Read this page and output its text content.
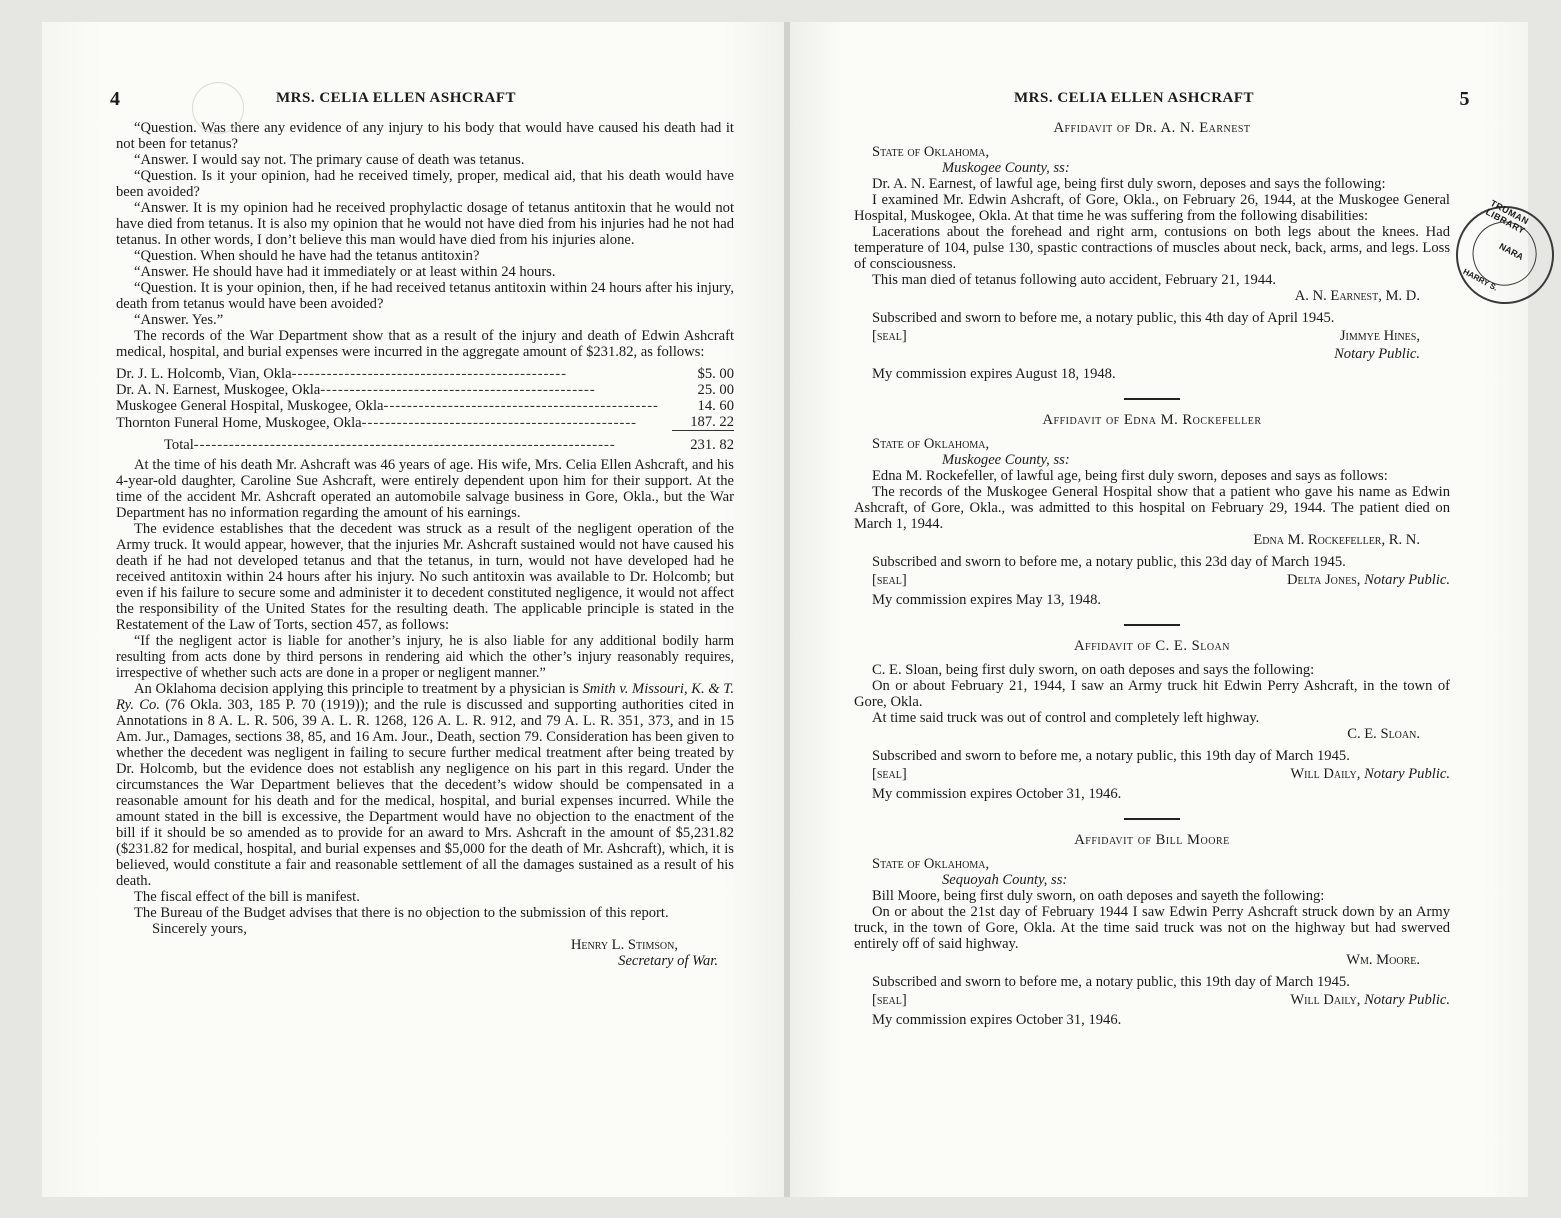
4	MRS. CELIA ELLEN ASHCRAFT

“Question. Was there any evidence of any injury to his body that would have caused his death had it not been for tetanus?

“Answer. I would say not. The primary cause of death was tetanus.

“Question. Is it your opinion, had he received timely, proper, medical aid, that his death would have been avoided?

“Answer. It is my opinion had he received prophylactic dosage of tetanus antitoxin that he would not have died from tetanus. It is also my opinion that he would not have died from his injuries had he not had tetanus. In other words, I don’t believe this man would have died from his injuries alone.

“Question. When should he have had the tetanus antitoxin?

“Answer. He should have had it immediately or at least within 24 hours.

“Question. It is your opinion, then, if he had received tetanus antitoxin within 24 hours after his injury, death from tetanus would have been avoided?

“Answer. Yes.”

The records of the War Department show that as a result of the injury and death of Edwin Ashcraft medical, hospital, and burial expenses were incurred in the aggregate amount of $231.82, as follows:

Dr. J. L. Holcomb, Vian, Okla-----------------------------------------------	$5. 00
Dr. A. N. Earnest, Muskogee, Okla-----------------------------------------------	25. 00
Muskogee General Hospital, Muskogee, Okla-----------------------------------------------	14. 60
Thornton Funeral Home, Muskogee, Okla-----------------------------------------------	187. 22
Total------------------------------------------------------------------------	231. 82

At the time of his death Mr. Ashcraft was 46 years of age. His wife, Mrs. Celia Ellen Ashcraft, and his 4-year-old daughter, Caroline Sue Ashcraft, were entirely dependent upon him for their support. At the time of the accident Mr. Ashcraft operated an automobile salvage business in Gore, Okla., but the War Department has no information regarding the amount of his earnings.

The evidence establishes that the decedent was struck as a result of the negligent operation of the Army truck. It would appear, however, that the injuries Mr. Ashcraft sustained would not have caused his death if he had not developed tetanus and that the tetanus, in turn, would not have developed had he received antitoxin within 24 hours after his injury. No such antitoxin was available to Dr. Holcomb; but even if his failure to secure some and administer it to decedent constituted negligence, it would not affect the responsibility of the United States for the resulting death. The applicable principle is stated in the Restatement of the Law of Torts, section 457, as follows:

“If the negligent actor is liable for another’s injury, he is also liable for any additional bodily harm resulting from acts done by third persons in rendering aid which the other’s injury reasonably requires, irrespective of whether such acts are done in a proper or negligent manner.”

An Oklahoma decision applying this principle to treatment by a physician is Smith v. Missouri, K. & T. Ry. Co. (76 Okla. 303, 185 P. 70 (1919)); and the rule is discussed and supporting authorities cited in Annotations in 8 A. L. R. 506, 39 A. L. R. 1268, 126 A. L. R. 912, and 79 A. L. R. 351, 373, and in 15 Am. Jur., Damages, sections 38, 85, and 16 Am. Jour., Death, section 79. Consideration has been given to whether the decedent was negligent in failing to secure further medical treatment after being treated by Dr. Holcomb, but the evidence does not establish any negligence on his part in this regard. Under the circumstances the War Department believes that the decedent’s widow should be compensated in a reasonable amount for his death and for the medical, hospital, and burial expenses incurred. While the amount stated in the bill is excessive, the Department would have no objection to the enactment of the bill if it should be so amended as to provide for an award to Mrs. Ashcraft in the amount of $5,231.82 ($231.82 for medical, hospital, and burial expenses and $5,000 for the death of Mr. Ashcraft), which, it is believed, would constitute a fair and reasonable settlement of all the damages sustained as a result of his death.

The fiscal effect of the bill is manifest.

The Bureau of the Budget advises that there is no objection to the submission of this report.

Sincerely yours,

Henry L. Stimson,
Secretary of War.
MRS. CELIA ELLEN ASHCRAFT	5
Affidavit of Dr. A. N. Earnest

State of Oklahoma,

Muskogee County, ss:

Dr. A. N. Earnest, of lawful age, being first duly sworn, deposes and says the following:

I examined Mr. Edwin Ashcraft, of Gore, Okla., on February 26, 1944, at the Muskogee General Hospital, Muskogee, Okla. At that time he was suffering from the following disabilities:

Lacerations about the forehead and right arm, contusions on both legs about the knees. Had temperature of 104, pulse 130, spastic contractions of muscles about neck, back, arms, and legs. Loss of consciousness.

This man died of tetanus following auto accident, February 21, 1944.

A. N. Earnest, M. D.

Subscribed and sworn to before me, a notary public, this 4th day of April 1945.

[seal]	Jimmye Hines,
Notary Public.

My commission expires August 18, 1948.

Affidavit of Edna M. Rockefeller

State of Oklahoma,

Muskogee County, ss:

Edna M. Rockefeller, of lawful age, being first duly sworn, deposes and says as follows:

The records of the Muskogee General Hospital show that a patient who gave his name as Edwin Ashcraft, of Gore, Okla., was admitted to this hospital on February 29, 1944. The patient died on March 1, 1944.

Edna M. Rockefeller, R. N.

Subscribed and sworn to before me, a notary public, this 23d day of March 1945.

[seal]	Delta Jones, Notary Public.

My commission expires May 13, 1948.

Affidavit of C. E. Sloan

C. E. Sloan, being first duly sworn, on oath deposes and says the following:

On or about February 21, 1944, I saw an Army truck hit Edwin Perry Ashcraft, in the town of Gore, Okla.

At time said truck was out of control and completely left highway.

C. E. Sloan.

Subscribed and sworn to before me, a notary public, this 19th day of March 1945.

[seal]	Will Daily, Notary Public.

My commission expires October 31, 1946.

Affidavit of Bill Moore

State of Oklahoma,

Sequoyah County, ss:

Bill Moore, being first duly sworn, on oath deposes and sayeth the following:

On or about the 21st day of February 1944 I saw Edwin Perry Ashcraft struck down by an Army truck, in the town of Gore, Okla. At the time said truck was not on the highway but had swerved entirely off of said highway.

Wm. Moore.

Subscribed and sworn to before me, a notary public, this 19th day of March 1945.

[seal]	Will Daily, Notary Public.

My commission expires October 31, 1946.

TRUMAN LIBRARY
NARA
HARRY S.
